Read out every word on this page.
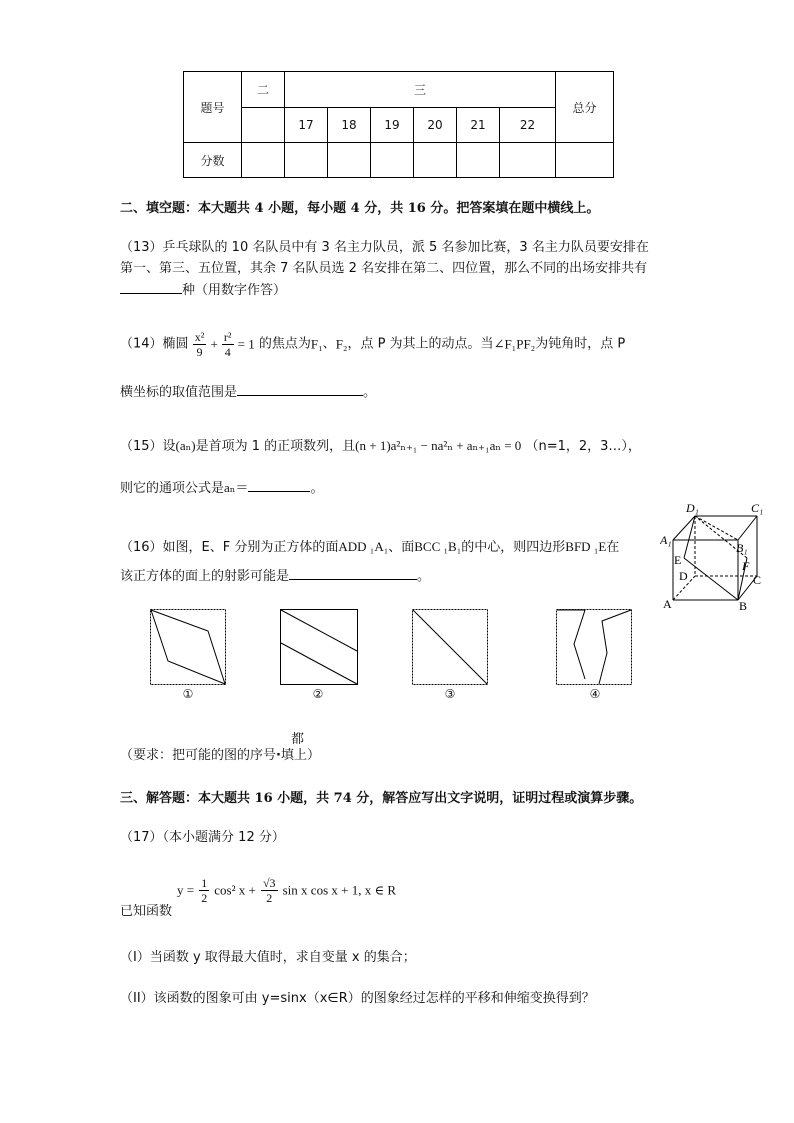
题号	二	三						总分
		17	18	19	20	21	22	
分数								
二、填空题：本大题共 4 小题，每小题 4 分，共 16 分。把答案填在题中横线上。
（13）乒乓球队的 10 名队员中有 3 名主力队员，派 5 名参加比赛，3 名主力队员要安排在
第一、第三、五位置，其余 7 名队员选 2 名安排在第二、四位置，那么不同的出场安排共有
种（用数字作答）
（14）椭圆 $\frac{\text{x²}}{9} + \frac{\text{r²}}{4} = 1$ 的焦点为F₁、F₂，点 P 为其上的动点。当∠F₁PF₂为钝角时，点 P
横坐标的取值范围是	。
（15）设(aₙ)是首项为 1 的正项数列，且(n + 1)a²ₙ₊₁ − na²ₙ + aₙ₊₁aₙ = 0 （n=1，2，3…），
则它的通项公式是aₙ＝	。
（16）如图，E、F 分别为正方体的面ADD ₁A₁、面BCC ₁B₁的中心，则四边形BFD ₁E在
该正方体的面上的射影可能是	。
D₁	C₁
A₁
B₁
E	F
D	C
A	B
①	②	③	④
都
（要求：把可能的图的序号·填上）
三、解答题：本大题共 16 小题，共 74 分，解答应写出文字说明，证明过程或演算步骤。
（17）（本小题满分 12 分）
已知函数
$y = \frac{1}{2} \cos^2$ $x + \frac{√3}{2}$ sin x cos x + 1, x ∈ R
（I）当函数 y 取得最大值时，求自变量 x 的集合；
（II）该函数的图象可由 y=sinx（x∈R）的图象经过怎样的平移和伸缩变换得到？
